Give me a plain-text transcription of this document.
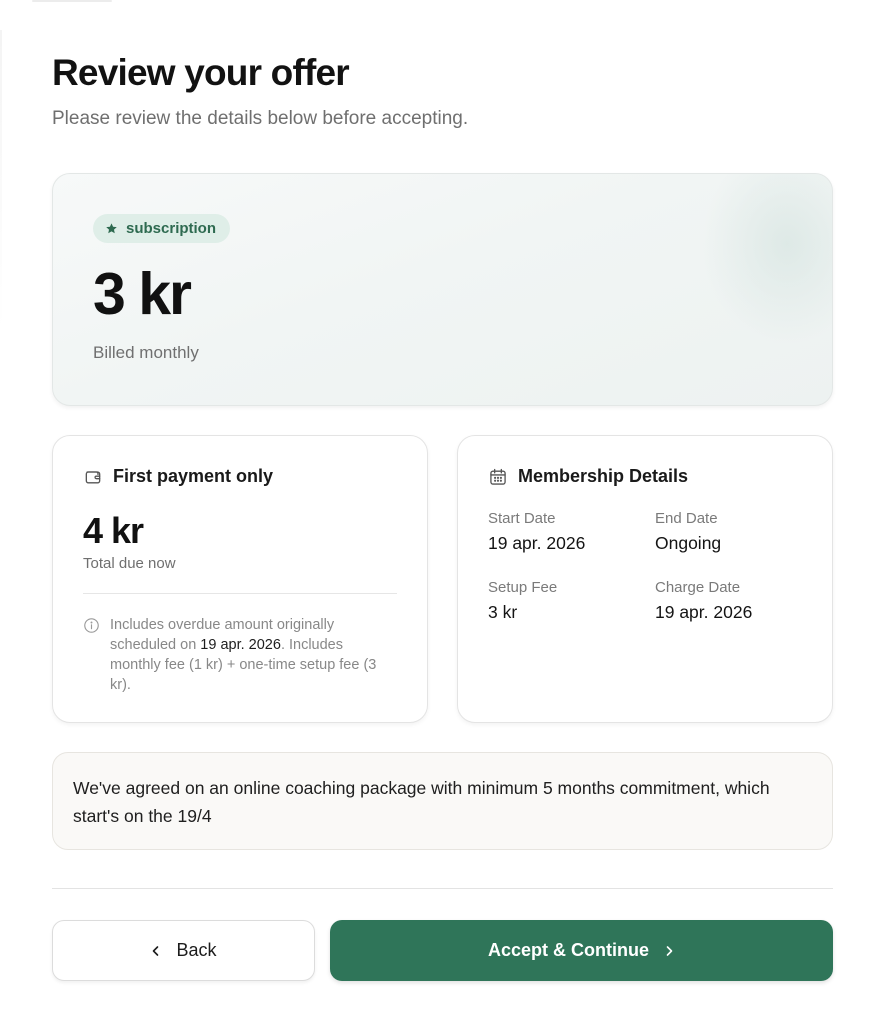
Review your offer

Please review the details below before accepting.

subscription
3 kr
Billed monthly
First payment only
4 kr
Total due now

Includes overdue amount originally scheduled on 19 apr. 2026. Includes monthly fee (1 kr) + one-time setup fee (3 kr).

Membership Details
Start Date
19 apr. 2026
End Date
Ongoing
Setup Fee
3 kr
Charge Date
19 apr. 2026
We've agreed on an online coaching package with minimum 5 months commitment, which start's on the 19/4
Back	Accept & Continue
